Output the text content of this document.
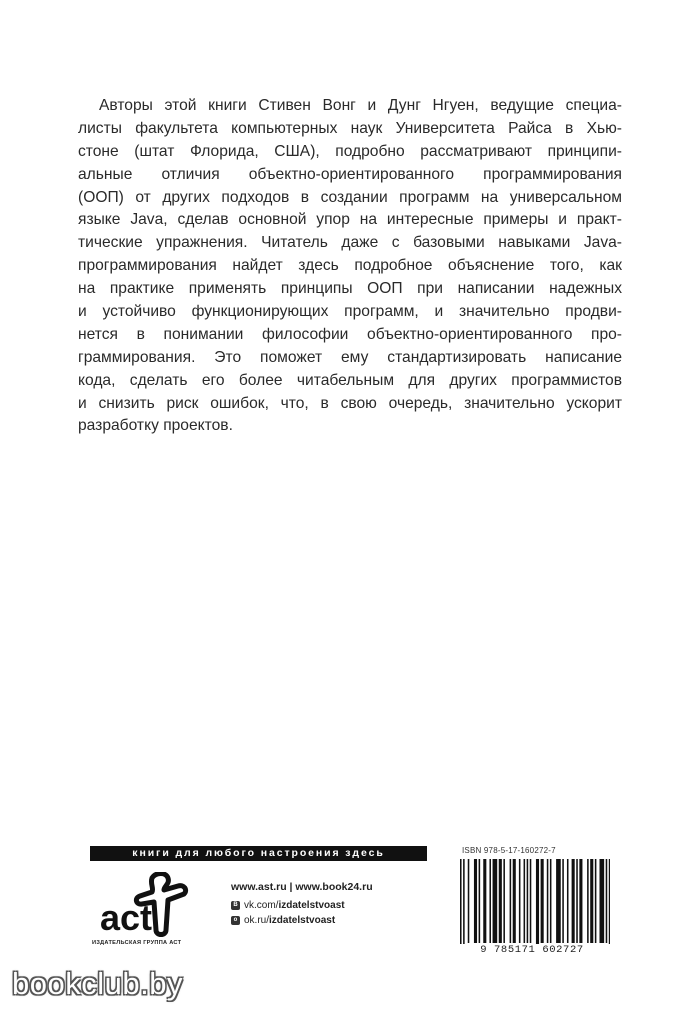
Авторы этой книги Стивен Вонг и Дунг Нгуен, ведущие специа-
листы факультета компьютерных наук Университета Райса в Хью-
стоне (штат Флорида, США), подробно рассматривают принципи-
альные отличия объектно-ориентированного программирования
(ООП) от других подходов в создании программ на универсальном
языке Java, сделав основной упор на интересные примеры и практ-
тические упражнения. Читатель даже с базовыми навыками Java-
программирования найдет здесь подробное объяснение того, как
на практике применять принципы ООП при написании надежных
и устойчиво функционирующих программ, и значительно продви-
нется в понимании философии объектно-ориентированного про-
граммирования. Это поможет ему стандартизировать написание
кода, сделать его более читабельным для других программистов
и снизить риск ошибок, что, в свою очередь, значительно ускорит
разработку проектов.
книги для любого настроения здесь
act
ИЗДАТЕЛЬСКАЯ ГРУППА АСТ
www.ast.ru | www.book24.ru
В vk.com/ izdatelstvoast
о ok.ru/ izdatelstvoast
ISBN 978-5-17-160272-7
9 785171 602727
bookclub.by
